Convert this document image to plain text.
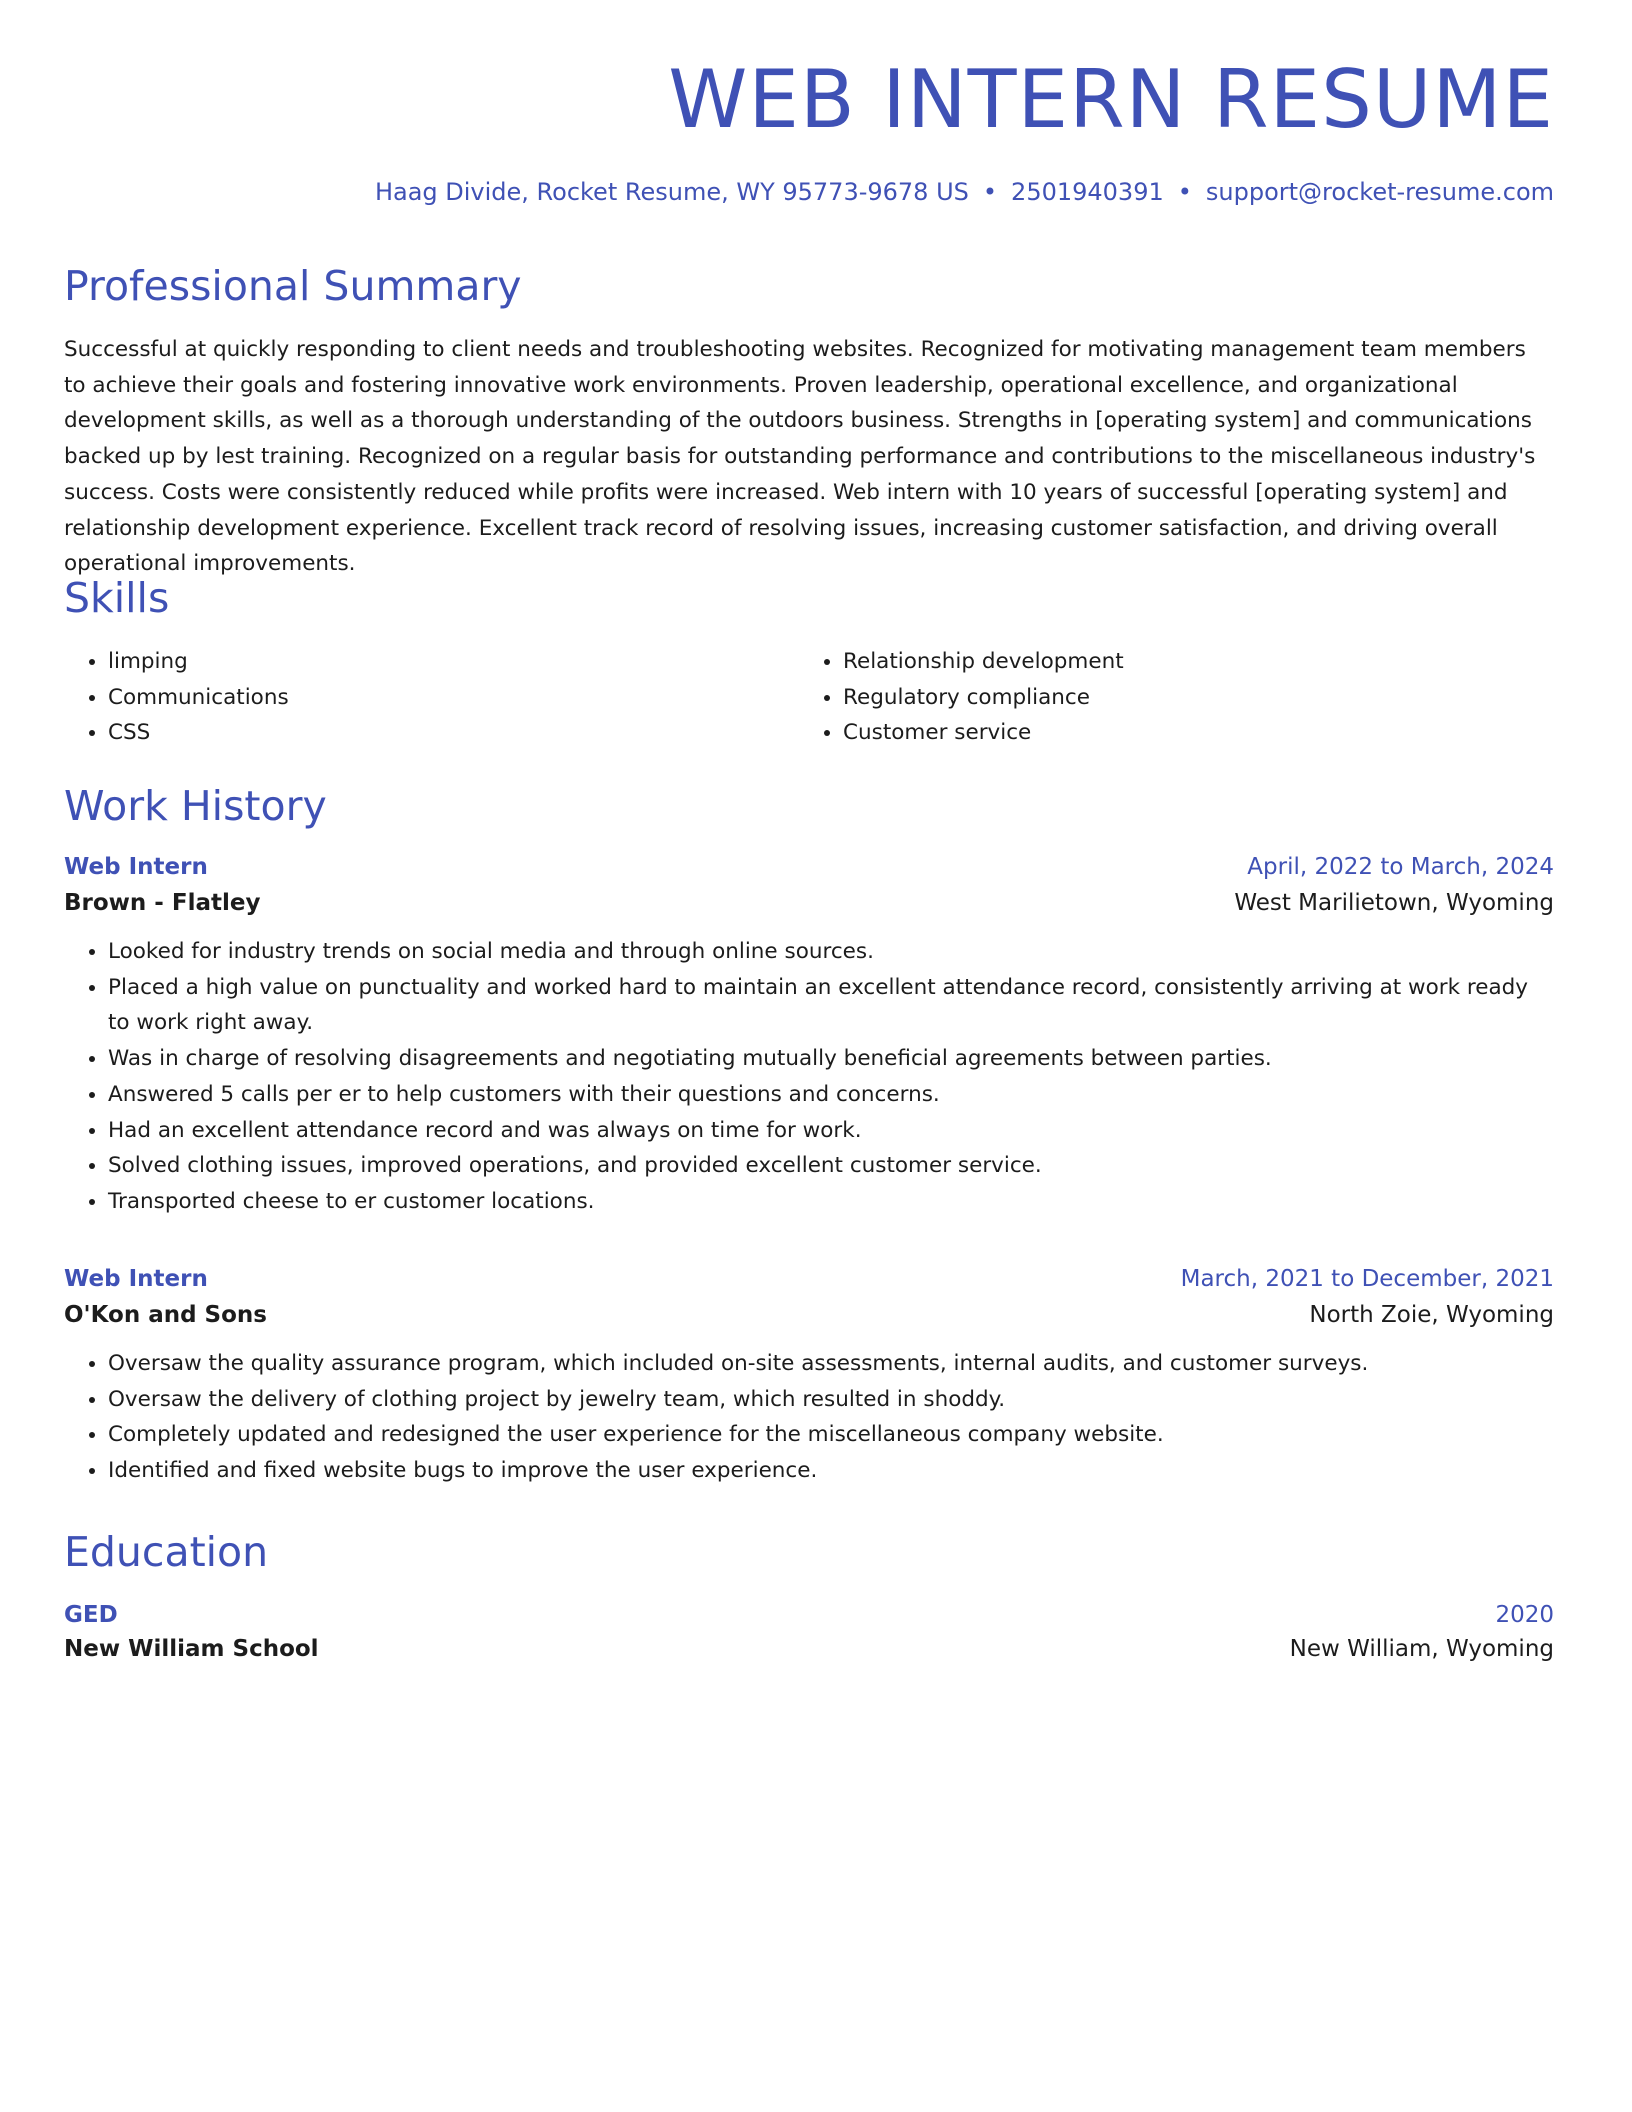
WEB INTERN RESUME
Haag Divide, Rocket Resume, WY 95773-9678 US • 2501940391 • support@rocket-resume.com
Professional Summary

Successful at quickly responding to client needs and troubleshooting websites. Recognized for motivating management team members to achieve their goals and fostering innovative work environments. Proven leadership, operational excellence, and organizational development skills, as well as a thorough understanding of the outdoors business. Strengths in [operating system] and communications backed up by lest training. Recognized on a regular basis for outstanding performance and contributions to the miscellaneous industry's success. Costs were consistently reduced while profits were increased. Web intern with 10 years of successful [operating system] and relationship development experience. Excellent track record of resolving issues, increasing customer satisfaction, and driving overall operational improvements.

Skills
• limping
• Communications
• CSS
• Relationship development
• Regulatory compliance
• Customer service
Work History
Web Intern	April, 2022 to March, 2024
Brown - Flatley	West Marilietown, Wyoming
• Looked for industry trends on social media and through online sources.
• Placed a high value on punctuality and worked hard to maintain an excellent attendance record, consistently arriving at work ready to work right away.
• Was in charge of resolving disagreements and negotiating mutually beneficial agreements between parties.
• Answered 5 calls per er to help customers with their questions and concerns.
• Had an excellent attendance record and was always on time for work.
• Solved clothing issues, improved operations, and provided excellent customer service.
• Transported cheese to er customer locations.
Web Intern	March, 2021 to December, 2021
O'Kon and Sons	North Zoie, Wyoming
• Oversaw the quality assurance program, which included on-site assessments, internal audits, and customer surveys.
• Oversaw the delivery of clothing project by jewelry team, which resulted in shoddy.
• Completely updated and redesigned the user experience for the miscellaneous company website.
• Identified and fixed website bugs to improve the user experience.
Education
GED	2020
New William School	New William, Wyoming
